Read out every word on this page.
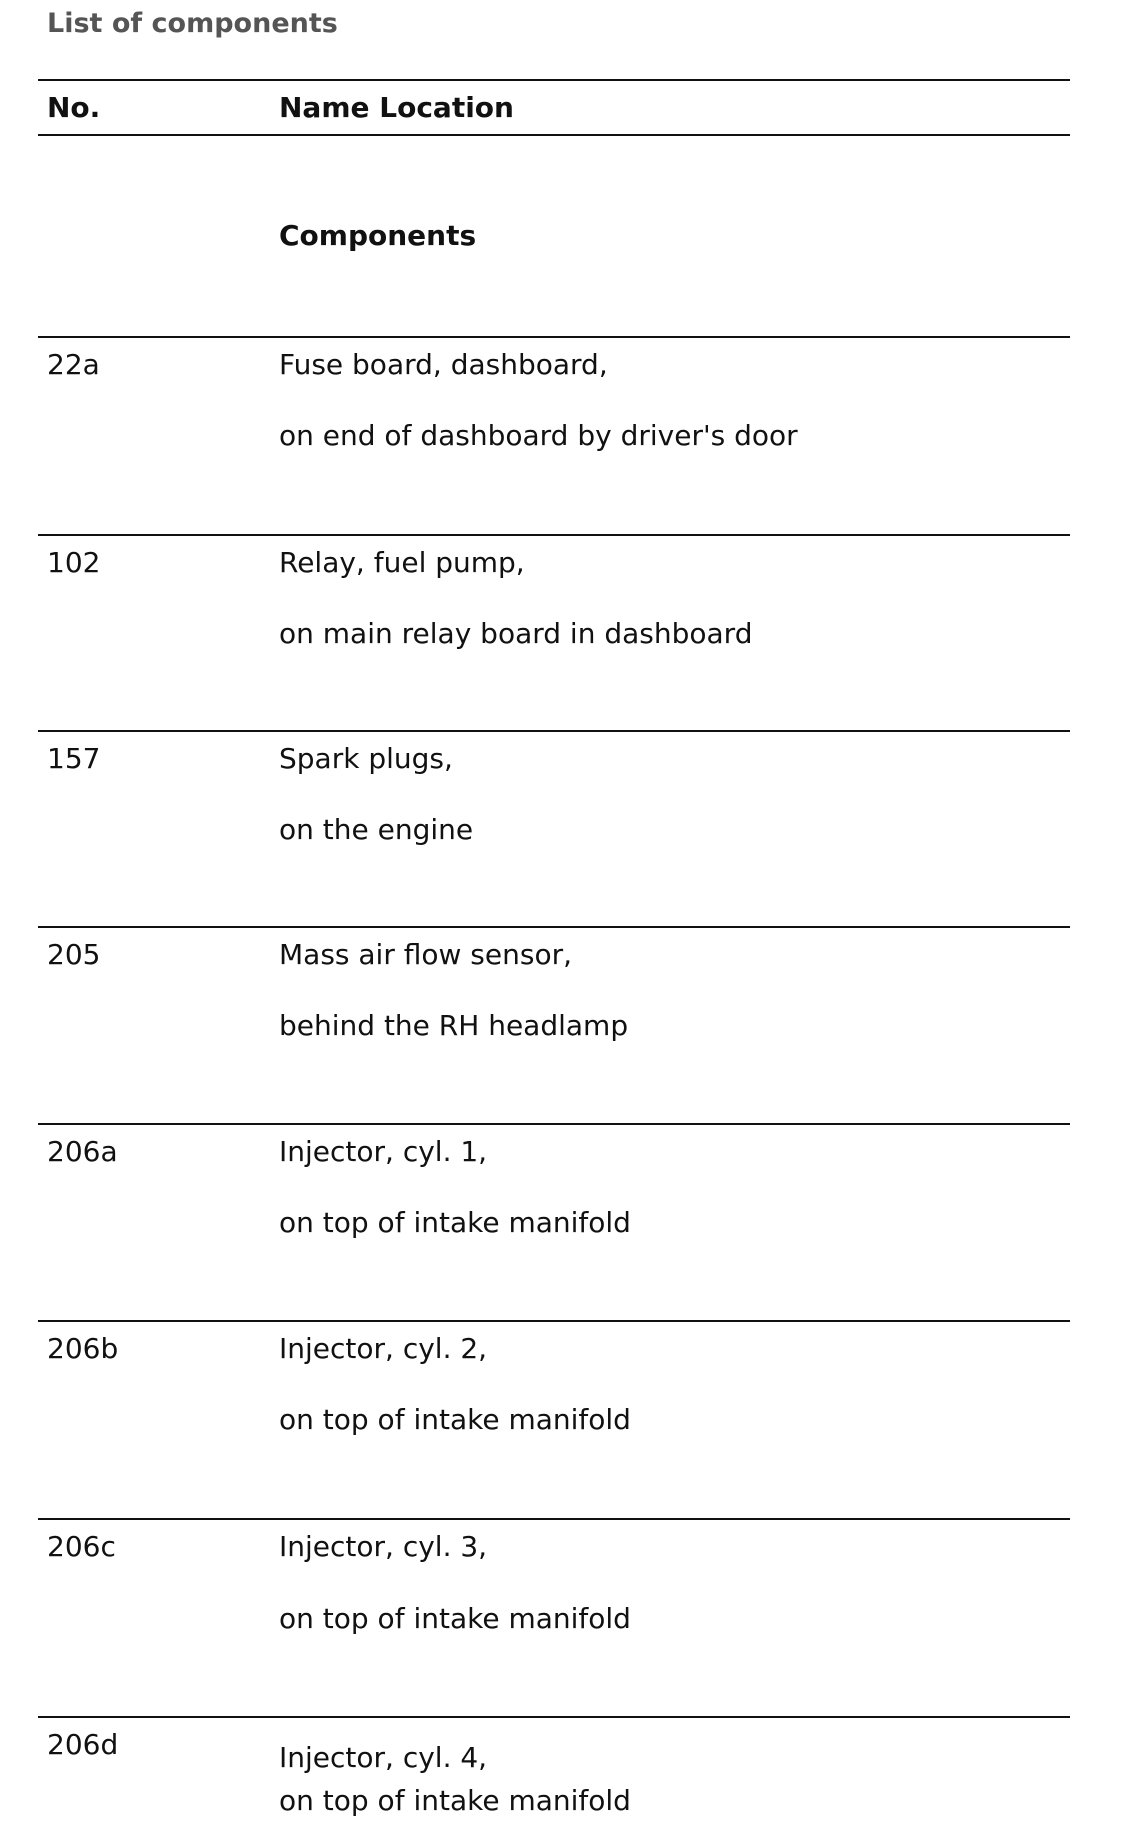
List of components
No.	Name Location
Components
22a	Fuse board, dashboard,
on end of dashboard by driver's door
102	Relay, fuel pump,
on main relay board in dashboard
157	Spark plugs,
on the engine
205	Mass air flow sensor,
behind the RH headlamp
206a	Injector, cyl. 1,
on top of intake manifold
206b	Injector, cyl. 2,
on top of intake manifold
206c	Injector, cyl. 3,
on top of intake manifold
206d	Injector, cyl. 4,
on top of intake manifold
